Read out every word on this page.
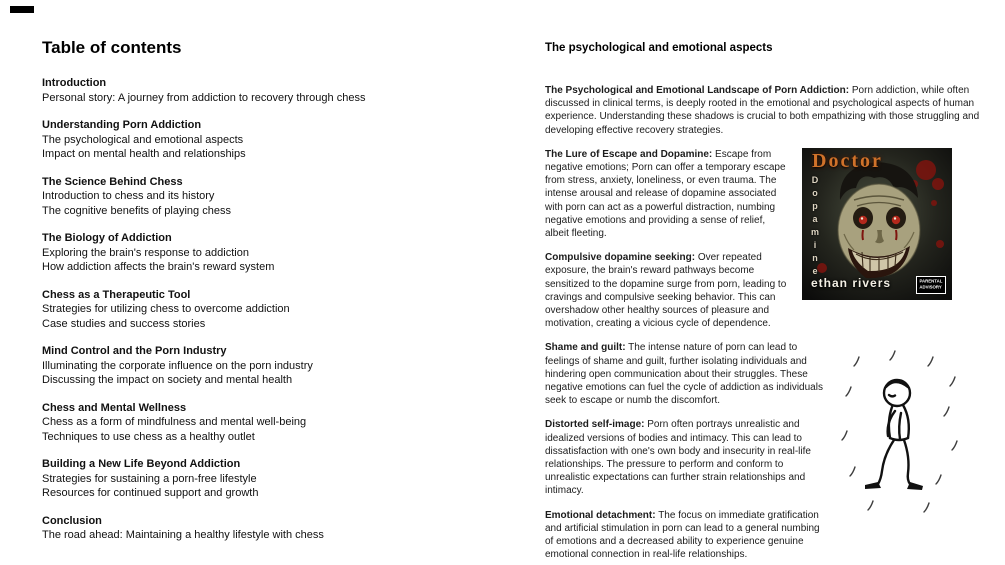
Table of contents
Introduction
Personal story: A journey from addiction to recovery through chess
Understanding Porn Addiction
The psychological and emotional aspects
Impact on mental health and relationships
The Science Behind Chess
Introduction to chess and its history
The cognitive benefits of playing chess
The Biology of Addiction
Exploring the brain's response to addiction
How addiction affects the brain's reward system
Chess as a Therapeutic Tool
Strategies for utilizing chess to overcome addiction
Case studies and success stories
Mind Control and the Porn Industry
Illuminating the corporate influence on the porn industry
Discussing the impact on society and mental health
Chess and Mental Wellness
Chess as a form of mindfulness and mental well-being
Techniques to use chess as a healthy outlet
Building a New Life Beyond Addiction
Strategies for sustaining a porn-free lifestyle
Resources for continued support and growth
Conclusion
The road ahead: Maintaining a healthy lifestyle with chess
The psychological and emotional aspects

The Psychological and Emotional Landscape of Porn Addiction: Porn addiction, while often discussed in clinical terms, is deeply rooted in the emotional and psychological aspects of human experience. Understanding these shadows is crucial to both empathizing with those struggling and developing effective recovery strategies.

Doctor
Dopamine
ethan rivers	PARENTAL
ADVISORY

The Lure of Escape and Dopamine: Escape from negative emotions; Porn can offer a temporary escape from stress, anxiety, loneliness, or even trauma. The intense arousal and release of dopamine associated with porn can act as a powerful distraction, numbing negative emotions and providing a sense of relief, albeit fleeting.

Compulsive dopamine seeking: Over repeated exposure, the brain's reward pathways become sensitized to the dopamine surge from porn, leading to cravings and compulsive seeking behavior. This can overshadow other healthy sources of pleasure and motivation, creating a vicious cycle of dependence.

Shame and guilt: The intense nature of porn can lead to feelings of shame and guilt, further isolating individuals and hindering open communication about their struggles. These negative emotions can fuel the cycle of addiction as individuals seek to escape or numb the discomfort.

Distorted self-image: Porn often portrays unrealistic and idealized versions of bodies and intimacy. This can lead to dissatisfaction with one's own body and insecurity in real-life relationships. The pressure to perform and conform to unrealistic expectations can further strain relationships and intimacy.

Emotional detachment: The focus on immediate gratification and artificial stimulation in porn can lead to a general numbing of emotions and a decreased ability to experience genuine emotional connection in real-life relationships.
